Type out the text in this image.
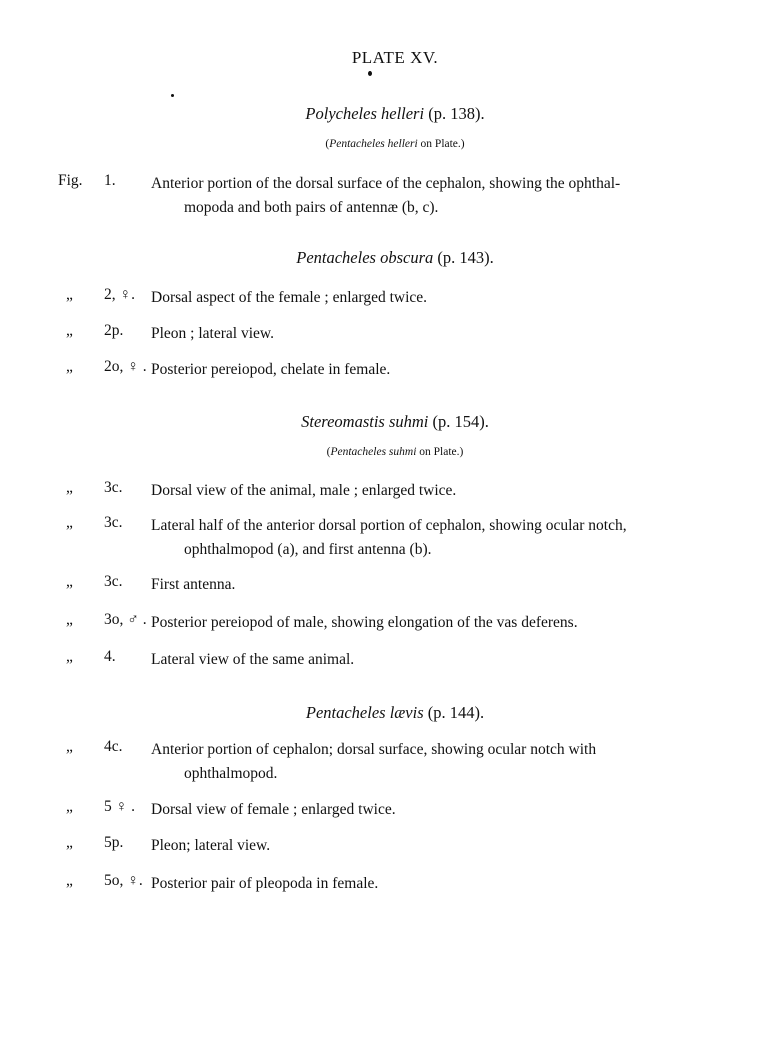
PLATE XV.
Polycheles helleri (p. 138).
(Pentacheles helleri on Plate.)
Fig. 1. Anterior portion of the dorsal surface of the cephalon, showing the ophthal-
mopoda and both pairs of antennæ (b, c).
Pentacheles obscura (p. 143).
„ 2, ♀. Dorsal aspect of the female ; enlarged twice.
„ 2p. Pleon ; lateral view.
„ 2o, ♀ . Posterior pereiopod, chelate in female.
Stereomastis suhmi (p. 154).
(Pentacheles suhmi on Plate.)
„ 3c. Dorsal view of the animal, male ; enlarged twice.
„ 3c. Lateral half of the anterior dorsal portion of cephalon, showing ocular notch,
ophthalmopod (a), and first antenna (b).
„ 3c. First antenna.
„ 3o, ♂ . Posterior pereiopod of male, showing elongation of the vas deferens.
„ 4. Lateral view of the same animal.
Pentacheles lævis (p. 144).
„ 4c. Anterior portion of cephalon; dorsal surface, showing ocular notch with
ophthalmopod.
„ 5 ♀ . Dorsal view of female ; enlarged twice.
„ 5p. Pleon; lateral view.
„ 5o, ♀. Posterior pair of pleopoda in female.
